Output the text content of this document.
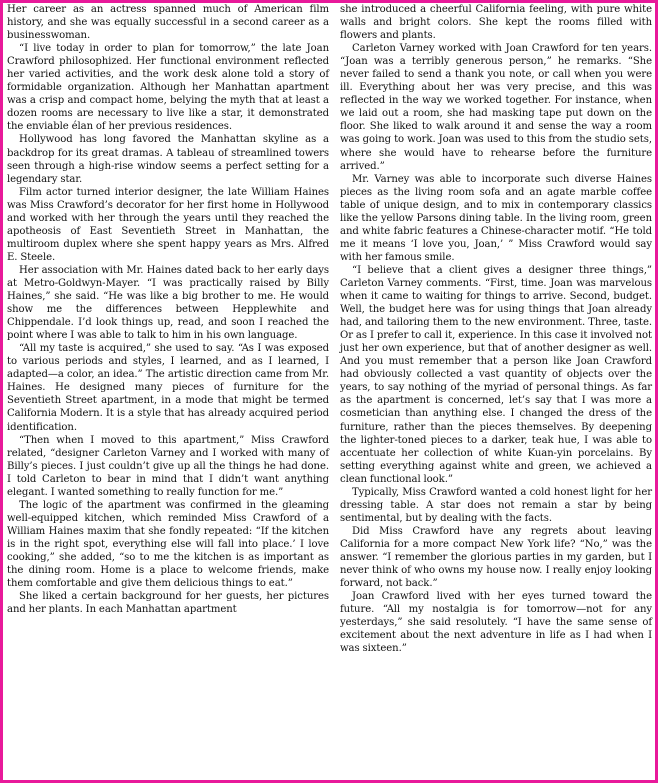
Her career as an actress spanned much of American film history, and she was equally successful in a second career as a businesswoman.

“I live today in order to plan for tomorrow,” the late Joan Crawford philosophized. Her functional environment reflected her varied activities, and the work desk alone told a story of formidable organization. Although her Manhattan apartment was a crisp and compact home, belying the myth that at least a dozen rooms are necessary to live like a star, it demonstrated the enviable élan of her previous residences.

Hollywood has long favored the Manhattan skyline as a backdrop for its great dramas. A tableau of streamlined towers seen through a high-rise window seems a perfect setting for a legendary star.

Film actor turned interior designer, the late William Haines was Miss Crawford’s decorator for her first home in Hollywood and worked with her through the years until they reached the apotheosis of East Seventieth Street in Manhattan, the multiroom duplex where she spent happy years as Mrs. Alfred E. Steele.

Her association with Mr. Haines dated back to her early days at Metro-Goldwyn-Mayer. “I was practically raised by Billy Haines,” she said. “He was like a big brother to me. He would show me the differences between Hepplewhite and Chippendale. I’d look things up, read, and soon I reached the point where I was able to talk to him in his own language.

“All my taste is acquired,” she used to say. “As I was exposed to various periods and styles, I learned, and as I learned, I adapted—a color, an idea.” The artistic direction came from Mr. Haines. He designed many pieces of furniture for the Seventieth Street apartment, in a mode that might be termed California Modern. It is a style that has already acquired period identification.

“Then when I moved to this apartment,” Miss Crawford related, “designer Carleton Varney and I worked with many of Billy’s pieces. I just couldn’t give up all the things he had done. I told Carleton to bear in mind that I didn’t want anything elegant. I wanted something to really function for me.”

The logic of the apartment was confirmed in the gleaming well-equipped kitchen, which reminded Miss Crawford of a William Haines maxim that she fondly repeated: “If the kitchen is in the right spot, everything else will fall into place.’ I love cooking,” she added, “so to me the kitchen is as important as the dining room. Home is a place to welcome friends, make them comfortable and give them delicious things to eat.”

She liked a certain background for her guests, her pictures and her plants. In each Manhattan apartment

she introduced a cheerful California feeling, with pure white walls and bright colors. She kept the rooms filled with flowers and plants.

Carleton Varney worked with Joan Crawford for ten years. “Joan was a terribly generous person,” he remarks. “She never failed to send a thank you note, or call when you were ill. Everything about her was very precise, and this was reflected in the way we worked together. For instance, when we laid out a room, she had masking tape put down on the floor. She liked to walk around it and sense the way a room was going to work. Joan was used to this from the studio sets, where she would have to rehearse before the furniture arrived.”

Mr. Varney was able to incorporate such diverse Haines pieces as the living room sofa and an agate marble coffee table of unique design, and to mix in contemporary classics like the yellow Parsons dining table. In the living room, green and white fabric features a Chinese-character motif. “He told me it means ‘I love you, Joan,’ ” Miss Crawford would say with her famous smile.

“I believe that a client gives a designer three things,” Carleton Varney comments. “First, time. Joan was marvelous when it came to waiting for things to arrive. Second, budget. Well, the budget here was for using things that Joan already had, and tailoring them to the new environment. Three, taste. Or as I prefer to call it, experience. In this case it involved not just her own experience, but that of another designer as well. And you must remember that a person like Joan Crawford had obviously collected a vast quantity of objects over the years, to say nothing of the myriad of personal things. As far as the apartment is concerned, let’s say that I was more a cosmetician than anything else. I changed the dress of the furniture, rather than the pieces themselves. By deepening the lighter-toned pieces to a darker, teak hue, I was able to accentuate her collection of white Kuan-yin porcelains. By setting everything against white and green, we achieved a clean functional look.”

Typically, Miss Crawford wanted a cold honest light for her dressing table. A star does not remain a star by being sentimental, but by dealing with the facts.

Did Miss Crawford have any regrets about leaving California for a more compact New York life? “No,” was the answer. “I remember the glorious parties in my garden, but I never think of who owns my house now. I really enjoy looking forward, not back.”

Joan Crawford lived with her eyes turned toward the future. “All my nostalgia is for tomorrow—not for any yesterdays,” she said resolutely. “I have the same sense of excitement about the next adventure in life as I had when I was sixteen.”
